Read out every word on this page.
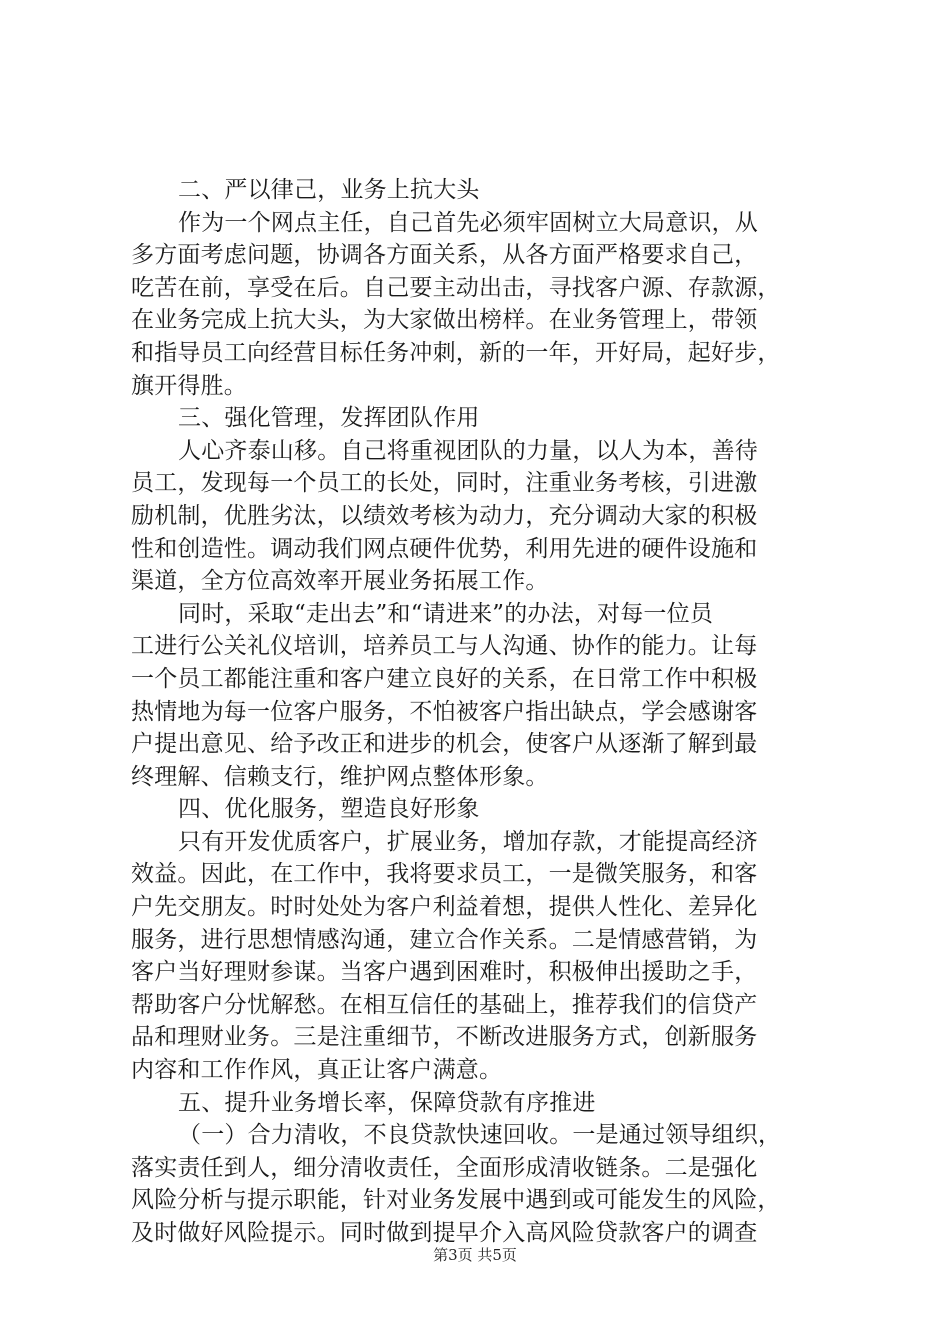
二、严以律己，业务上抗大头
作为一个网点主任，自己首先必须牢固树立大局意识，从
多方面考虑问题，协调各方面关系，从各方面严格要求自己，
吃苦在前，享受在后。自己要主动出击，寻找客户源、存款源，
在业务完成上抗大头，为大家做出榜样。在业务管理上，带领
和指导员工向经营目标任务冲刺，新的一年，开好局，起好步，
旗开得胜。
三、强化管理，发挥团队作用
人心齐泰山移。自己将重视团队的力量，以人为本，善待
员工，发现每一个员工的长处，同时，注重业务考核，引进激
励机制，优胜劣汰，以绩效考核为动力，充分调动大家的积极
性和创造性。调动我们网点硬件优势，利用先进的硬件设施和
渠道，全方位高效率开展业务拓展工作。
同时，采取“走出去”和“请进来”的办法，对每一位员
工进行公关礼仪培训，培养员工与人沟通、协作的能力。让每
一个员工都能注重和客户建立良好的关系，在日常工作中积极
热情地为每一位客户服务，不怕被客户指出缺点，学会感谢客
户提出意见、给予改正和进步的机会，使客户从逐渐了解到最
终理解、信赖支行，维护网点整体形象。
四、优化服务，塑造良好形象
只有开发优质客户，扩展业务，增加存款，才能提高经济
效益。因此，在工作中，我将要求员工，一是微笑服务，和客
户先交朋友。时时处处为客户利益着想，提供人性化、差异化
服务，进行思想情感沟通，建立合作关系。二是情感营销，为
客户当好理财参谋。当客户遇到困难时，积极伸出援助之手，
帮助客户分忧解愁。在相互信任的基础上，推荐我们的信贷产
品和理财业务。三是注重细节，不断改进服务方式，创新服务
内容和工作作风，真正让客户满意。
五、提升业务增长率，保障贷款有序推进
（一）合力清收，不良贷款快速回收。一是通过领导组织，
落实责任到人，细分清收责任，全面形成清收链条。二是强化
风险分析与提示职能，针对业务发展中遇到或可能发生的风险，
及时做好风险提示。同时做到提早介入高风险贷款客户的调查
第3页 共5页
